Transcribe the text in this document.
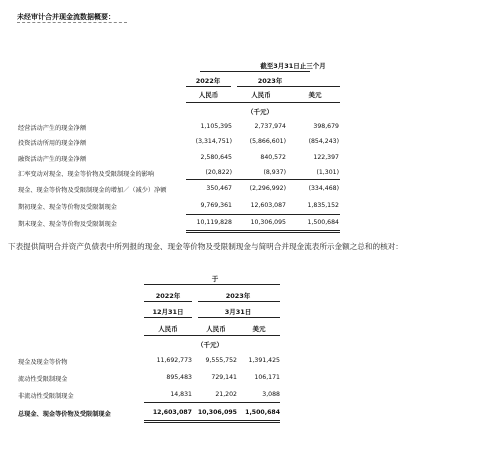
未经审计合并现金流数据概要：
截至3月31日止三个月
2022年	2023年
人民币	人民币	美元
（千元）
经营活动产生的现金净额	1,105,395	2,737,974	398,679
投资活动所用的现金净额	(3,314,751)	(5,866,601)	(854,243)
融资活动产生的现金净额	2,580,645	840,572	122,397
汇率变动对现金、现金等价物及受限制现金的影响	(20,822)	(8,937)	(1,301)
现金、现金等价物及受限制现金的增加／（减少）净额	350,467	(2,296,992)	(334,468)
期初现金、现金等价物及受限制现金	9,769,361	12,603,087	1,835,152
期末现金、现金等价物及受限制现金	10,119,828	10,306,095	1,500,684
下表提供简明合并资产负债表中所列报的现金、现金等价物及受限制现金与简明合并现金流表所示金额之总和的核对：
于
2022年	2023年
12月31日	3月31日
人民币	人民币	美元
（千元）
现金及现金等价物	11,692,773	9,555,752	1,391,425
流动性受限制现金	895,483	729,141	106,171
非流动性受限制现金	14,831	21,202	3,088
总现金、现金等价物及受限制现金	12,603,087 10,306,095	1,500,684
